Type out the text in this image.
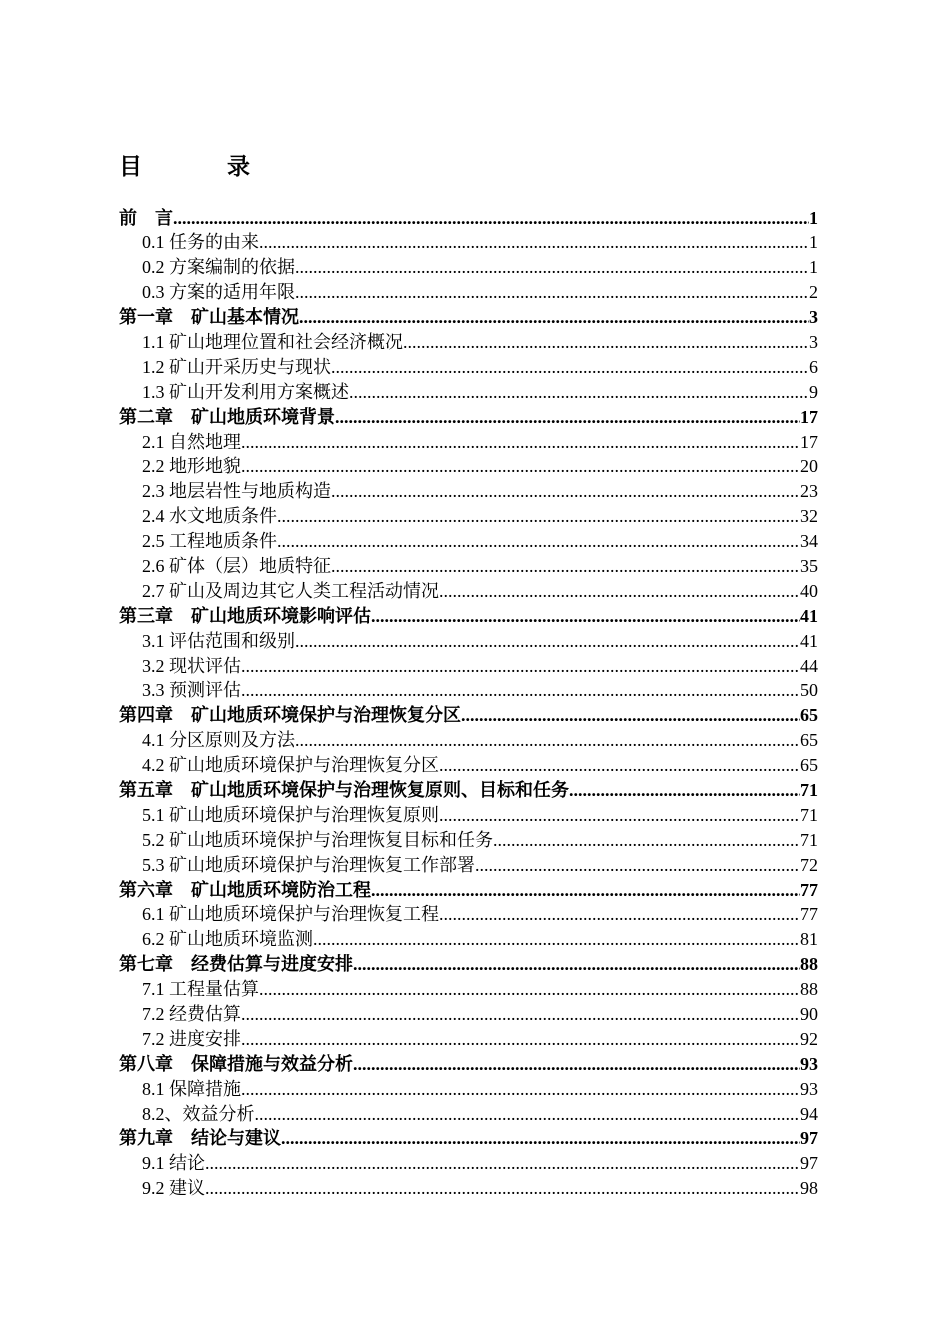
目　　录
前　言 .....	1
0.1 任务的由来 .....	1
0.2 方案编制的依据 .....	1
0.3 方案的适用年限 .....	2
第一章　矿山基本情况 .....	3
1.1 矿山地理位置和社会经济概况 .....	3
1.2 矿山开采历史与现状 .....	6
1.3 矿山开发利用方案概述 .....	9
第二章　矿山地质环境背景 .....	17
2.1 自然地理 .....	17
2.2 地形地貌 .....	20
2.3 地层岩性与地质构造 .....	23
2.4 水文地质条件 .....	32
2.5 工程地质条件 .....	34
2.6 矿体（层）地质特征 .....	35
2.7 矿山及周边其它人类工程活动情况 .....	40
第三章　矿山地质环境影响评估 .....	41
3.1 评估范围和级别 .....	41
3.2 现状评估 .....	44
3.3 预测评估 .....	50
第四章　矿山地质环境保护与治理恢复分区 .....	65
4.1 分区原则及方法 .....	65
4.2 矿山地质环境保护与治理恢复分区 .....	65
第五章　矿山地质环境保护与治理恢复原则、目标和任务 .....	71
5.1 矿山地质环境保护与治理恢复原则 .....	71
5.2 矿山地质环境保护与治理恢复目标和任务 .....	71
5.3 矿山地质环境保护与治理恢复工作部署 .....	72
第六章　矿山地质环境防治工程 .....	77
6.1 矿山地质环境保护与治理恢复工程 .....	77
6.2 矿山地质环境监测 .....	81
第七章　经费估算与进度安排 .....	88
7.1 工程量估算 .....	88
7.2 经费估算 .....	90
7.2 进度安排 .....	92
第八章　保障措施与效益分析 .....	93
8.1 保障措施 .....	93
8.2、效益分析 .....	94
第九章　结论与建议 .....	97
9.1 结论 .....	97
9.2 建议 .....	98
